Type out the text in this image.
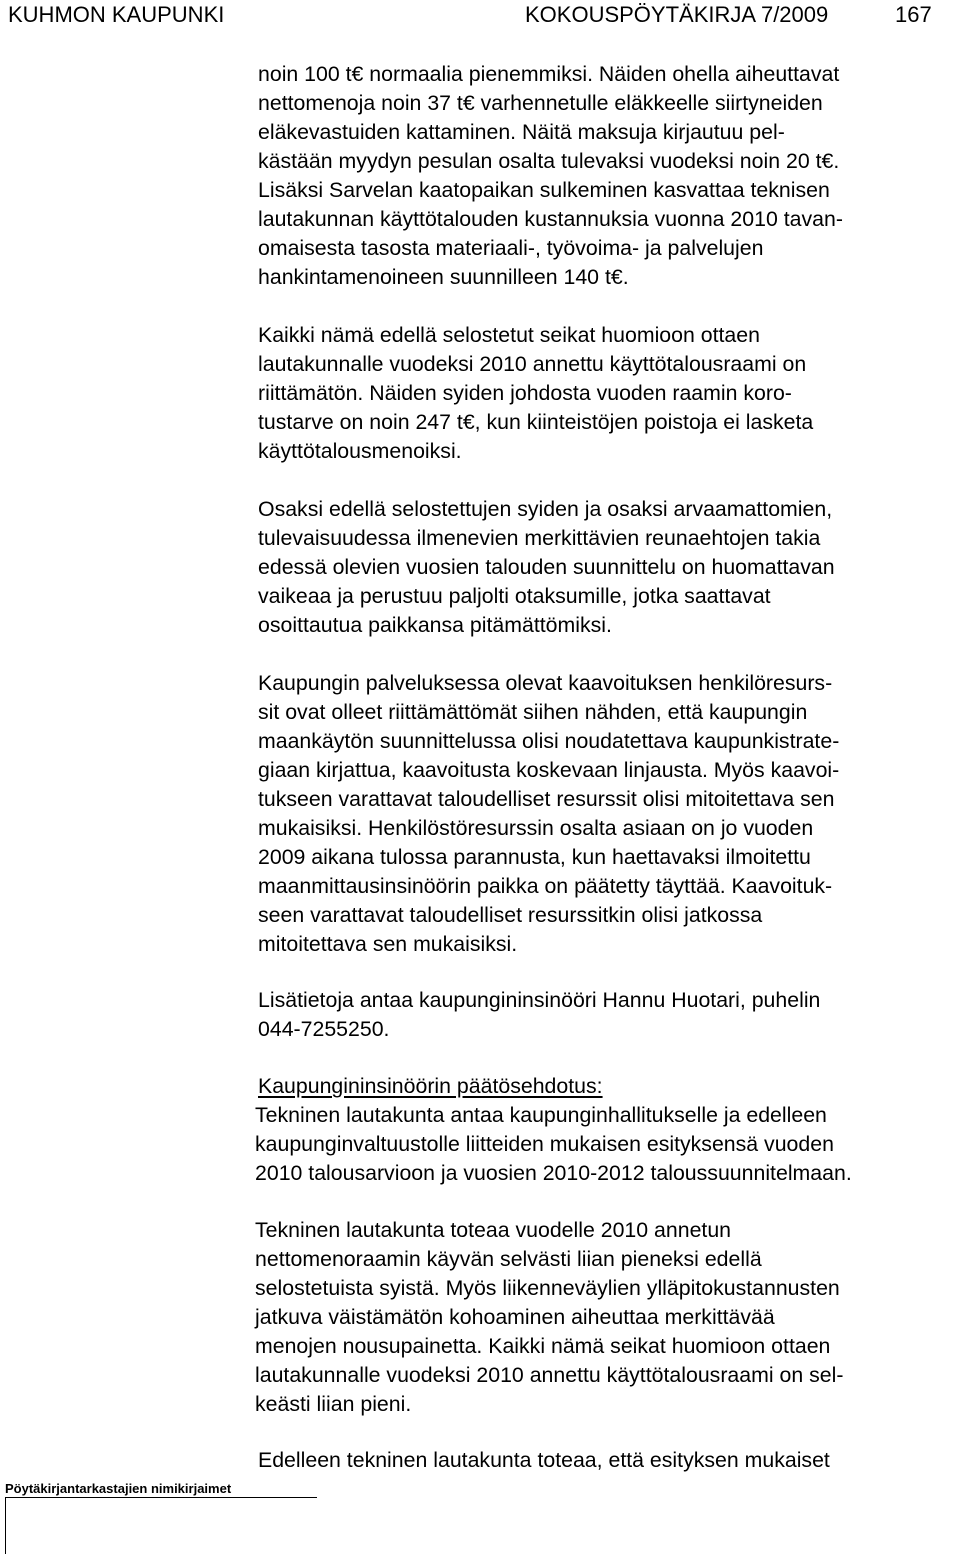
KUHMON KAUPUNKI	KOKOUSPÖYTÄKIRJA 7/2009	167
noin 100 t€ normaalia pienemmiksi. Näiden ohella aiheuttavat
nettomenoja noin 37 t€ varhennetulle eläkkeelle siirtyneiden
eläkevastuiden kattaminen. Näitä maksuja kirjautuu pel-
kästään myydyn pesulan osalta tulevaksi vuodeksi noin 20 t€.
Lisäksi Sarvelan kaatopaikan sulkeminen kasvattaa teknisen
lautakunnan käyttötalouden kustannuksia vuonna 2010 tavan-
omaisesta tasosta materiaali-, työvoima- ja palvelujen
hankintamenoineen suunnilleen 140 t€.
Kaikki nämä edellä selostetut seikat huomioon ottaen
lautakunnalle vuodeksi 2010 annettu käyttötalousraami on
riittämätön. Näiden syiden johdosta vuoden raamin koro-
tustarve on noin 247 t€, kun kiinteistöjen poistoja ei lasketa
käyttötalousmenoiksi.
Osaksi edellä selostettujen syiden ja osaksi arvaamattomien,
tulevaisuudessa ilmenevien merkittävien reunaehtojen takia
edessä olevien vuosien talouden suunnittelu on huomattavan
vaikeaa ja perustuu paljolti otaksumille, jotka saattavat
osoittautua paikkansa pitämättömiksi.
Kaupungin palveluksessa olevat kaavoituksen henkilöresurs-
sit ovat olleet riittämättömät siihen nähden, että kaupungin
maankäytön suunnittelussa olisi noudatettava kaupunkistrate-
giaan kirjattua, kaavoitusta koskevaan linjausta. Myös kaavoi-
tukseen varattavat taloudelliset resurssit olisi mitoitettava sen
mukaisiksi. Henkilöstöresurssin osalta asiaan on jo vuoden
2009 aikana tulossa parannusta, kun haettavaksi ilmoitettu
maanmittausinsinöörin paikka on päätetty täyttää. Kaavoituk-
seen varattavat taloudelliset resurssitkin olisi jatkossa
mitoitettava sen mukaisiksi.
Lisätietoja antaa kaupungininsinööri Hannu Huotari, puhelin
044-7255250.
Kaupungininsinöörin päätösehdotus:
Tekninen lautakunta antaa kaupunginhallitukselle ja edelleen
kaupunginvaltuustolle liitteiden mukaisen esityksensä vuoden
2010 talousarvioon ja vuosien 2010-2012 taloussuunnitelmaan.
Tekninen lautakunta toteaa vuodelle 2010 annetun
nettomenoraamin käyvän selvästi liian pieneksi edellä
selostetuista syistä. Myös liikenneväylien ylläpitokustannusten
jatkuva väistämätön kohoaminen aiheuttaa merkittävää
menojen nousupainetta. Kaikki nämä seikat huomioon ottaen
lautakunnalle vuodeksi 2010 annettu käyttötalousraami on sel-
keästi liian pieni.
Edelleen tekninen lautakunta toteaa, että esityksen mukaiset
Pöytäkirjantarkastajien nimikirjaimet
